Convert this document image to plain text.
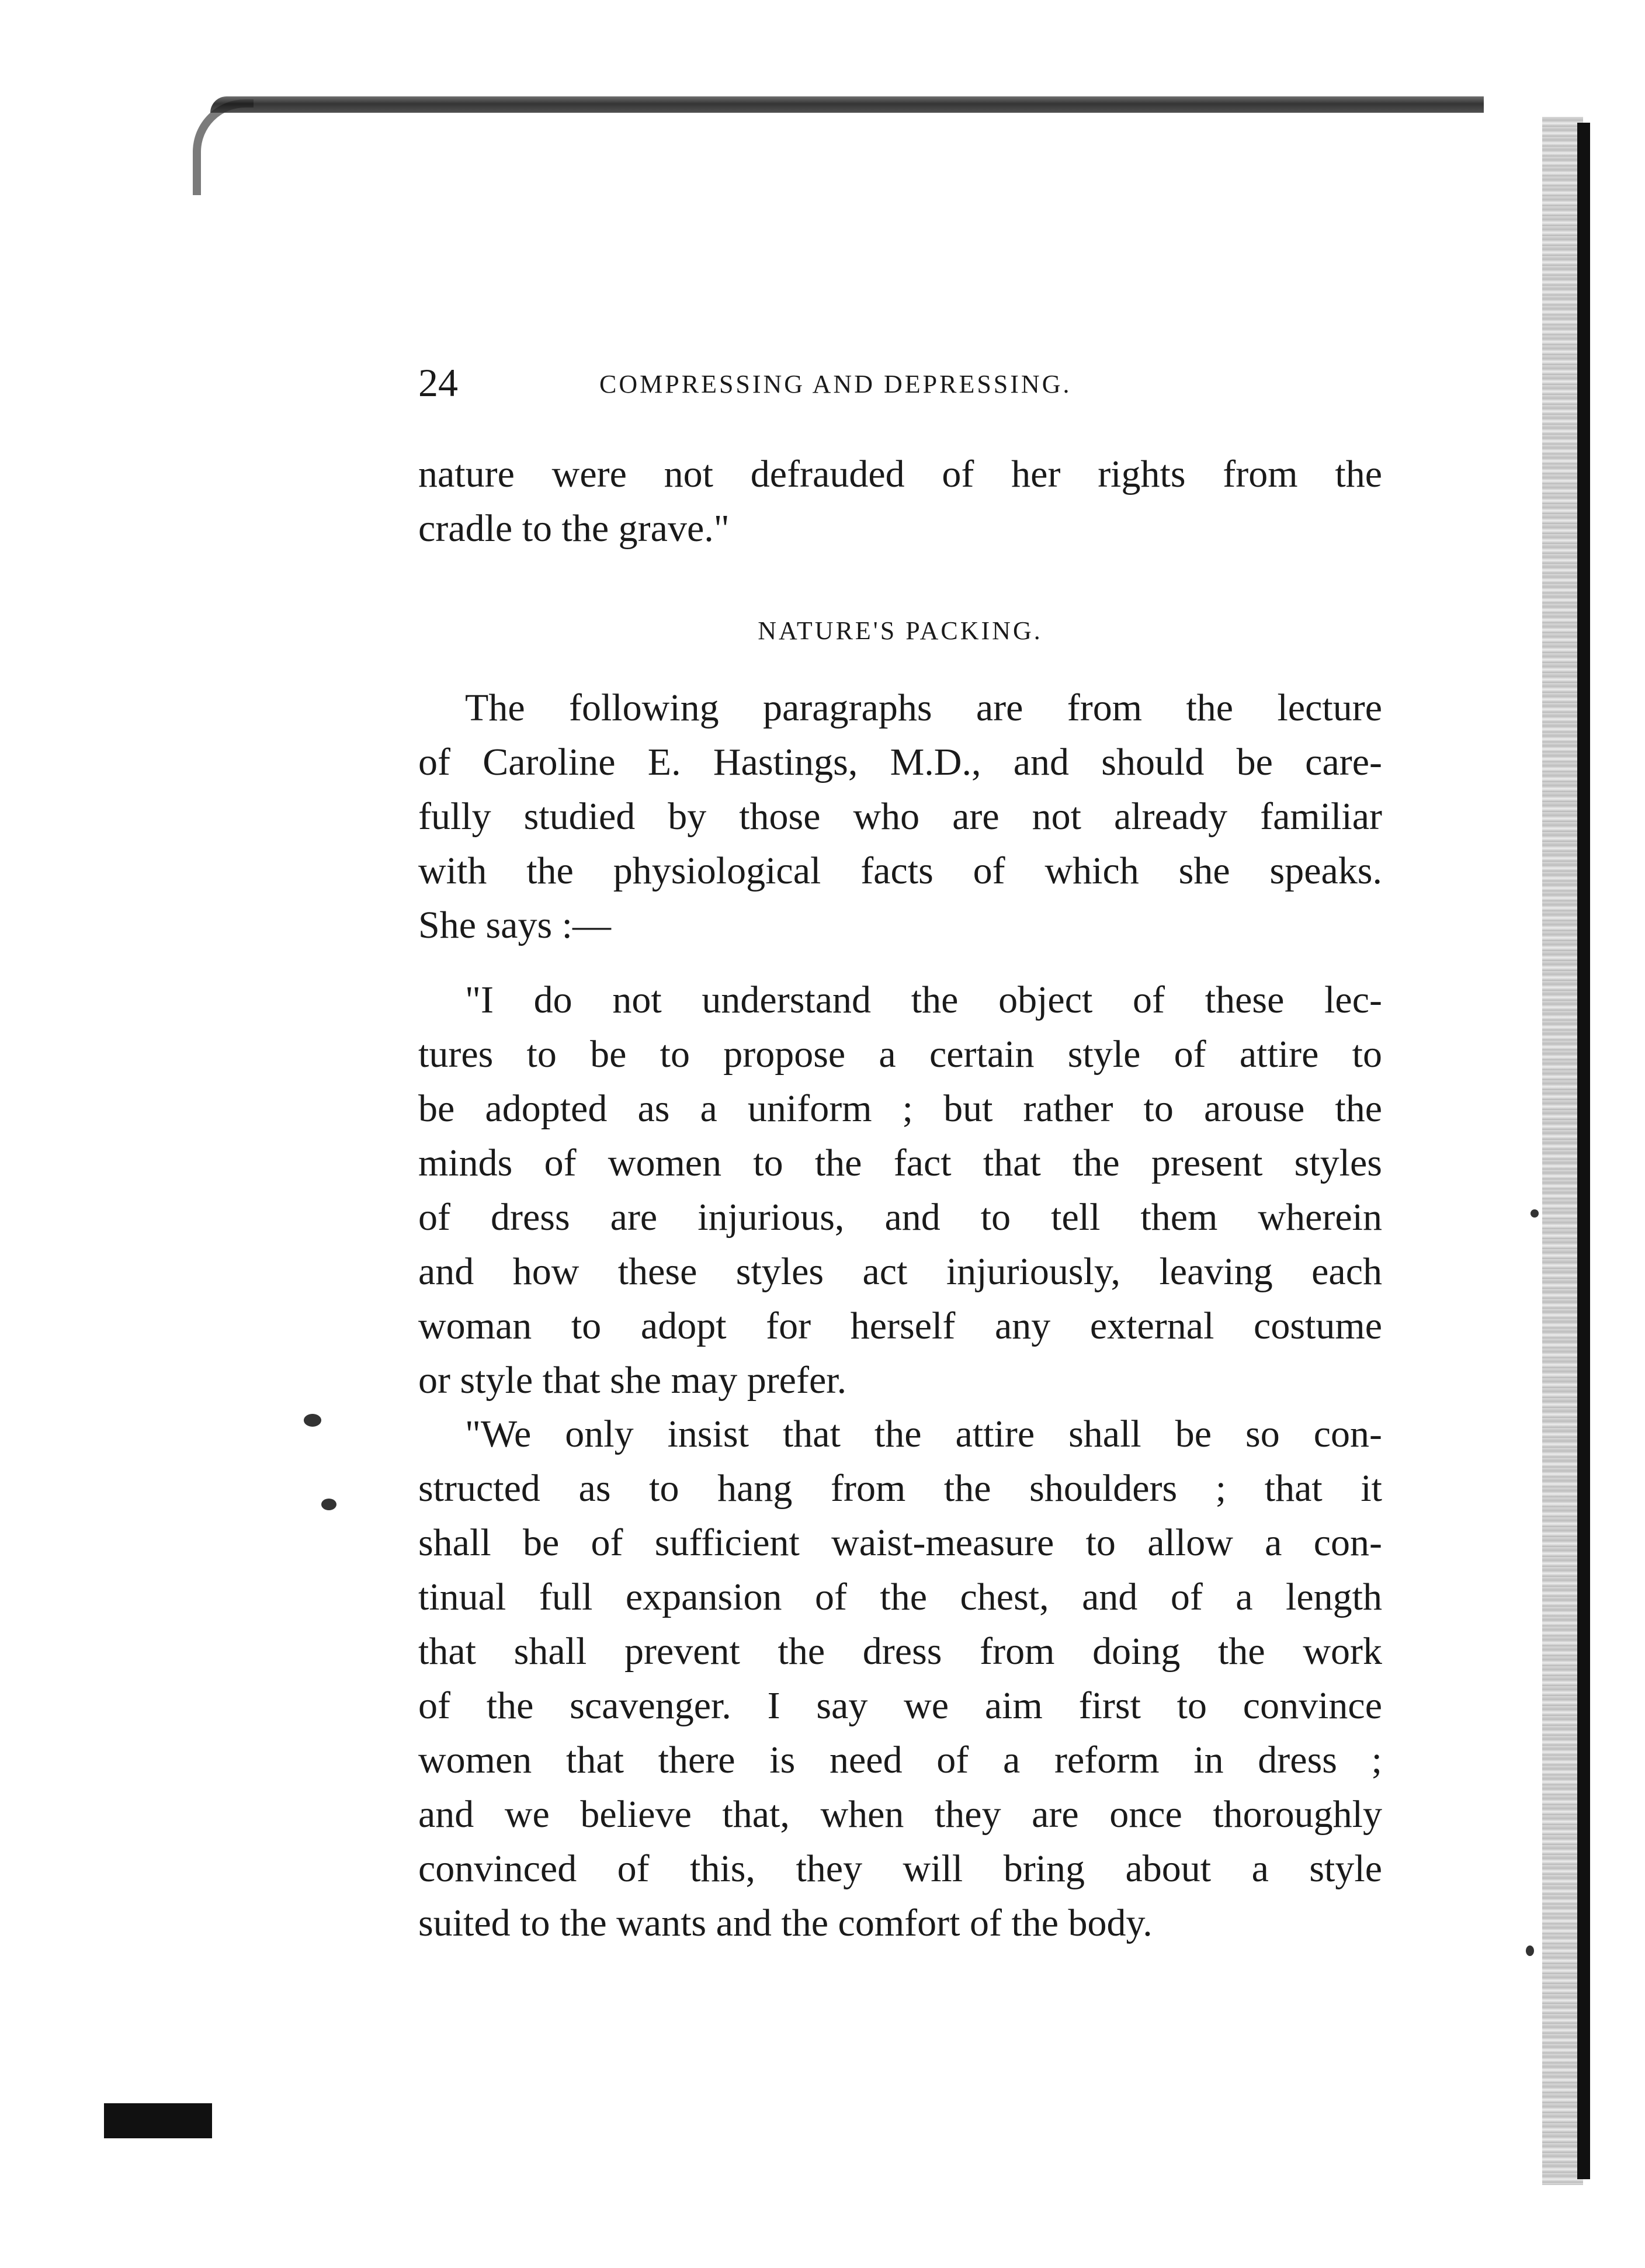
24	COMPRESSING AND DEPRESSING.
nature were not defrauded of her rights from the
cradle to the grave."
NATURE'S PACKING.
The following paragraphs are from the lecture
of Caroline E. Hastings, M.D., and should be care-
fully studied by those who are not already familiar
with the physiological facts of which she speaks.
She says :—
"I do not understand the object of these lec-
tures to be to propose a certain style of attire to
be adopted as a uniform ; but rather to arouse the
minds of women to the fact that the present styles
of dress are injurious, and to tell them wherein
and how these styles act injuriously, leaving each
woman to adopt for herself any external costume
or style that she may prefer.
"We only insist that the attire shall be so con-
structed as to hang from the shoulders ; that it
shall be of sufficient waist-measure to allow a con-
tinual full expansion of the chest, and of a length
that shall prevent the dress from doing the work
of the scavenger. I say we aim first to convince
women that there is need of a reform in dress ;
and we believe that, when they are once thoroughly
convinced of this, they will bring about a style
suited to the wants and the comfort of the body.
